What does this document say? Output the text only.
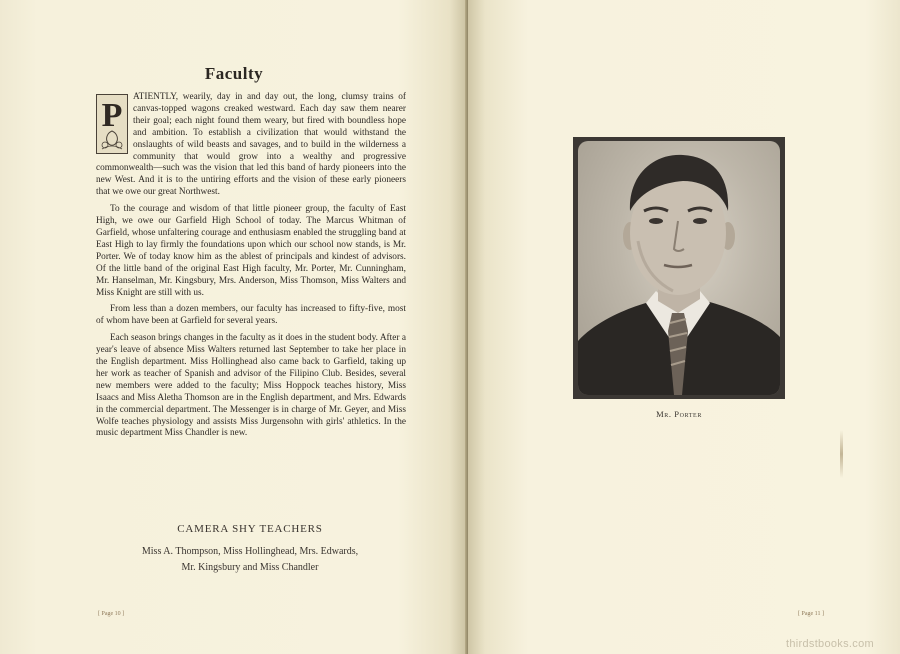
Faculty

P	ATIENTLY, wearily, day in and day out, the long, clumsy trains of canvas-topped wagons creaked westward. Each day saw them nearer their goal; each night found them weary, but fired with boundless hope and ambition. To establish a civilization that would withstand the onslaughts of wild beasts and savages, and to build in the wilderness a community that would grow into a wealthy and progressive commonwealth—such was the vision that led this band of hardy pioneers into the new West. And it is to the untiring efforts and the vision of these early pioneers that we owe our great Northwest.

To the courage and wisdom of that little pioneer group, the faculty of East High, we owe our Garfield High School of today. The Marcus Whitman of Garfield, whose unfaltering courage and enthusiasm enabled the struggling band at East High to lay firmly the foundations upon which our school now stands, is Mr. Porter. We of today know him as the ablest of principals and kindest of advisors. Of the little band of the original East High faculty, Mr. Porter, Mr. Cunningham, Mr. Hanselman, Mr. Kingsbury, Mrs. Anderson, Miss Thomson, Miss Walters and Miss Knight are still with us.

From less than a dozen members, our faculty has increased to fifty-five, most of whom have been at Garfield for several years.

Each season brings changes in the faculty as it does in the student body. After a year's leave of absence Miss Walters returned last September to take her place in the English department. Miss Hollinghead also came back to Garfield, taking up her work as teacher of Spanish and advisor of the Filipino Club. Besides, several new members were added to the faculty; Miss Hoppock teaches history, Miss Isaacs and Miss Aletha Thomson are in the English department, and Mrs. Edwards in the commercial department. The Messenger is in charge of Mr. Geyer, and Miss Wolfe teaches physiology and assists Miss Jurgensohn with girls' athletics. In the music department Miss Chandler is new.

CAMERA SHY TEACHERS
Miss A. Thompson, Miss Hollinghead, Mrs. Edwards,
Mr. Kingsbury and Miss Chandler
[ Page 10 ]
Mr. Porter
[ Page 11 ]
thirdstbooks.com
